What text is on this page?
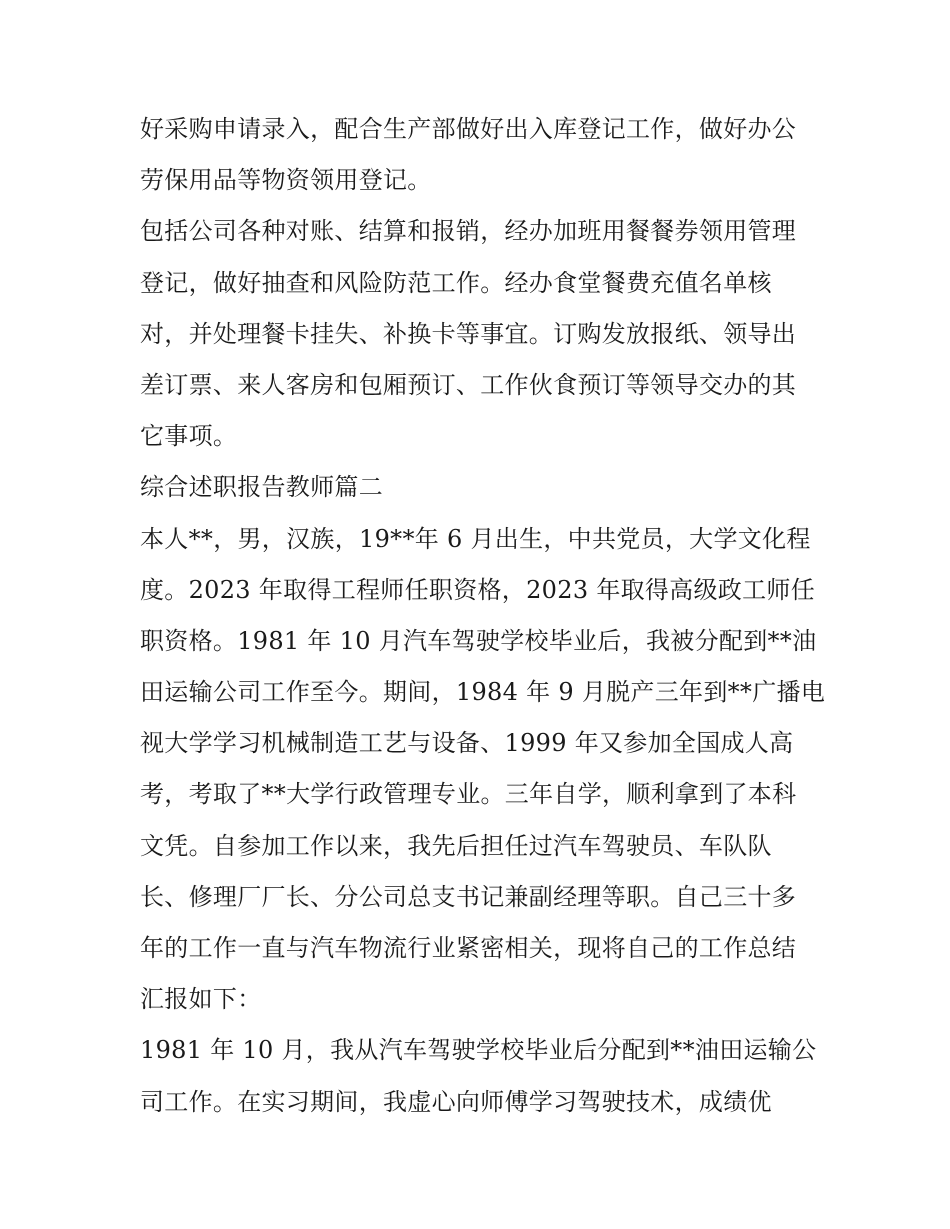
好采购申请录入，配合生产部做好出入库登记工作，做好办公
劳保用品等物资领用登记。
包括公司各种对账、结算和报销，经办加班用餐餐券领用管理
登记，做好抽查和风险防范工作。经办食堂餐费充值名单核
对，并处理餐卡挂失、补换卡等事宜。订购发放报纸、领导出
差订票、来人客房和包厢预订、工作伙食预订等领导交办的其
它事项。
综合述职报告教师篇二
本人**，男，汉族，19**年 6 月出生，中共党员，大学文化程
度。2023 年取得工程师任职资格，2023 年取得高级政工师任
职资格。1981 年 10 月汽车驾驶学校毕业后，我被分配到**油
田运输公司工作至今。期间，1984 年 9 月脱产三年到**广播电
视大学学习机械制造工艺与设备、1999 年又参加全国成人高
考，考取了**大学行政管理专业。三年自学，顺利拿到了本科
文凭。自参加工作以来，我先后担任过汽车驾驶员、车队队
长、修理厂厂长、分公司总支书记兼副经理等职。自己三十多
年的工作一直与汽车物流行业紧密相关，现将自己的工作总结
汇报如下：
1981 年 10 月，我从汽车驾驶学校毕业后分配到**油田运输公
司工作。在实习期间，我虚心向师傅学习驾驶技术，成绩优
